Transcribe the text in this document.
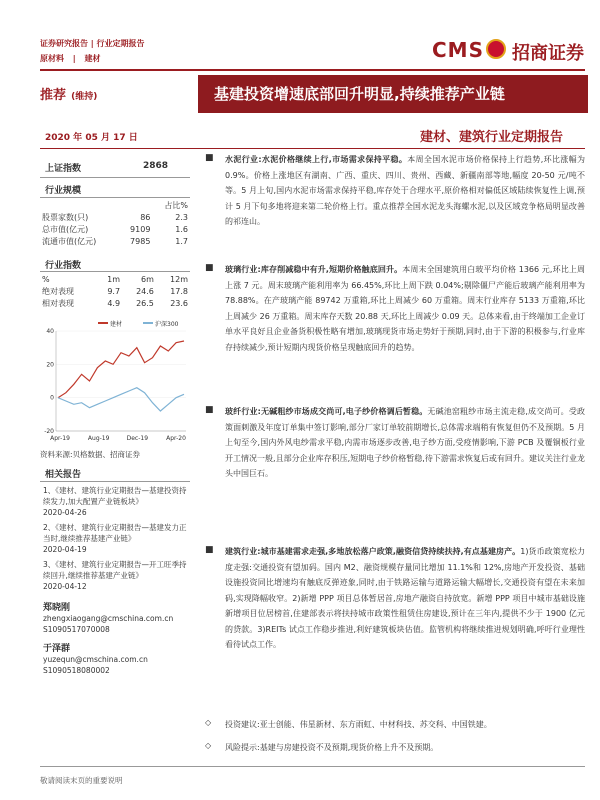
证券研究报告 | 行业定期报告
原材料 | 建材	CMS 招商证券
推荐 (维持)	基建投资增速底部回升明显,持续推荐产业链
2020 年 05 月 17 日	建材、建筑行业定期报告
上证指数	2868
行业规模
		占比%
股票家数(只)	86	2.3
总市值(亿元)	9109	1.6
流通市值(亿元)	7985	1.7
行业指数
%	1m	6m	12m
绝对表现	9.7	24.6	17.8
相对表现	4.9	26.5	23.6
建材	沪深300
40
20
0
-20
Apr-19	Aug-19	Dec-19	Apr-20
资料来源:贝格数据、招商证券
相关报告
1、《建材、建筑行业定期报告—基建投资持续发力,加大配置产业链板块》
2020-04-26
2、《建材、建筑行业定期报告—基建发力正当时,继续推荐基建产业链》
2020-04-19
3、《建材、建筑行业定期报告—开工旺季持续回升,继续推荐基建产业链》
2020-04-12
郑晓刚
zhengxiaogang@cmschina.com.cn
S1090517070008
于泽群
yuzequn@cmschina.com.cn
S1090518080002
■ 水泥行业:水泥价格继续上行,市场需求保持平稳。本周全国水泥市场价格保持上行趋势,环比涨幅为 0.9%。价格上涨地区有湖南、广西、重庆、四川、贵州、西藏、新疆南部等地,幅度 20-50 元/吨不等。5 月上旬,国内水泥市场需求保持平稳,库存处于合理水平,原价格相对偏低区域陆续恢复性上调,预计 5 月下旬多地将迎来第二轮价格上行。重点推荐全国水泥龙头海螺水泥,以及区域竞争格局明显改善的祁连山。
■ 玻璃行业:库存削减稳中有升,短期价格触底回升。本周末全国建筑用白玻平均价格 1366 元,环比上周上涨 7 元。周末玻璃产能利用率为 66.45%,环比上周下跌 0.04%;剔除僵尸产能后玻璃产能利用率为 78.88%。在产玻璃产能 89742 万重箱,环比上周减少 60 万重箱。周末行业库存 5133 万重箱,环比上周减少 26 万重箱。周末库存天数 20.88 天,环比上周减少 0.09 天。总体来看,由于终端加工企业订单水平良好且企业备货积极性略有增加,玻璃现货市场走势好于预期,同时,由于下游的积极参与,行业库存持续减少,预计短期内现货价格呈现触底回升的趋势。
■ 玻纤行业:无碱粗纱市场成交尚可,电子纱价格调后暂稳。无碱池窑粗纱市场主流走稳,成交尚可。受政策面刺激及年度订单集中签订影响,部分厂家订单较前期增长,总体需求端稍有恢复但仍不及预期。5 月上旬至今,国内外风电纱需求平稳,内需市场逐步改善,电子纱方面,受疫情影响,下游 PCB 及覆铜板行业开工情况一般,且部分企业库存积压,短期电子纱价格暂稳,待下游需求恢复后或有回升。建议关注行业龙头中国巨石。
■ 建筑行业:城市基建需求走强,多地放松落户政策,融资信贷持续扶持,有点基建房产。1)货币政策宽松力度走强:交通投资有望加码。国内 M2、融资规模存量同比增加 11.1%和 12%,房地产开发投资、基础设施投资同比增速均有触底反弹迹象,同时,由于铁路运输与道路运输大幅增长,交通投资有望在未来加码,实现降幅收窄。2)新增 PPP 项目总体暂居首,房地产融资自持放宽。新增 PPP 项目中城市基础设施新增项目位居榜首,住建部表示将扶持城市政策性租赁住房建设,预计在三年内,提供不少于 1900 亿元的贷款。3)REITs 试点工作稳步推进,利好建筑板块估值。监管机构将继续推进规划明确,呼吁行业理性看待试点工作。
◇ 投资建议:亚士创能、伟星新材、东方雨虹、中材科技、苏交科、中国铁建。
◇ 风险提示:基建与房建投资不及预期,现货价格上升不及预期。
敬请阅读末页的重要说明
